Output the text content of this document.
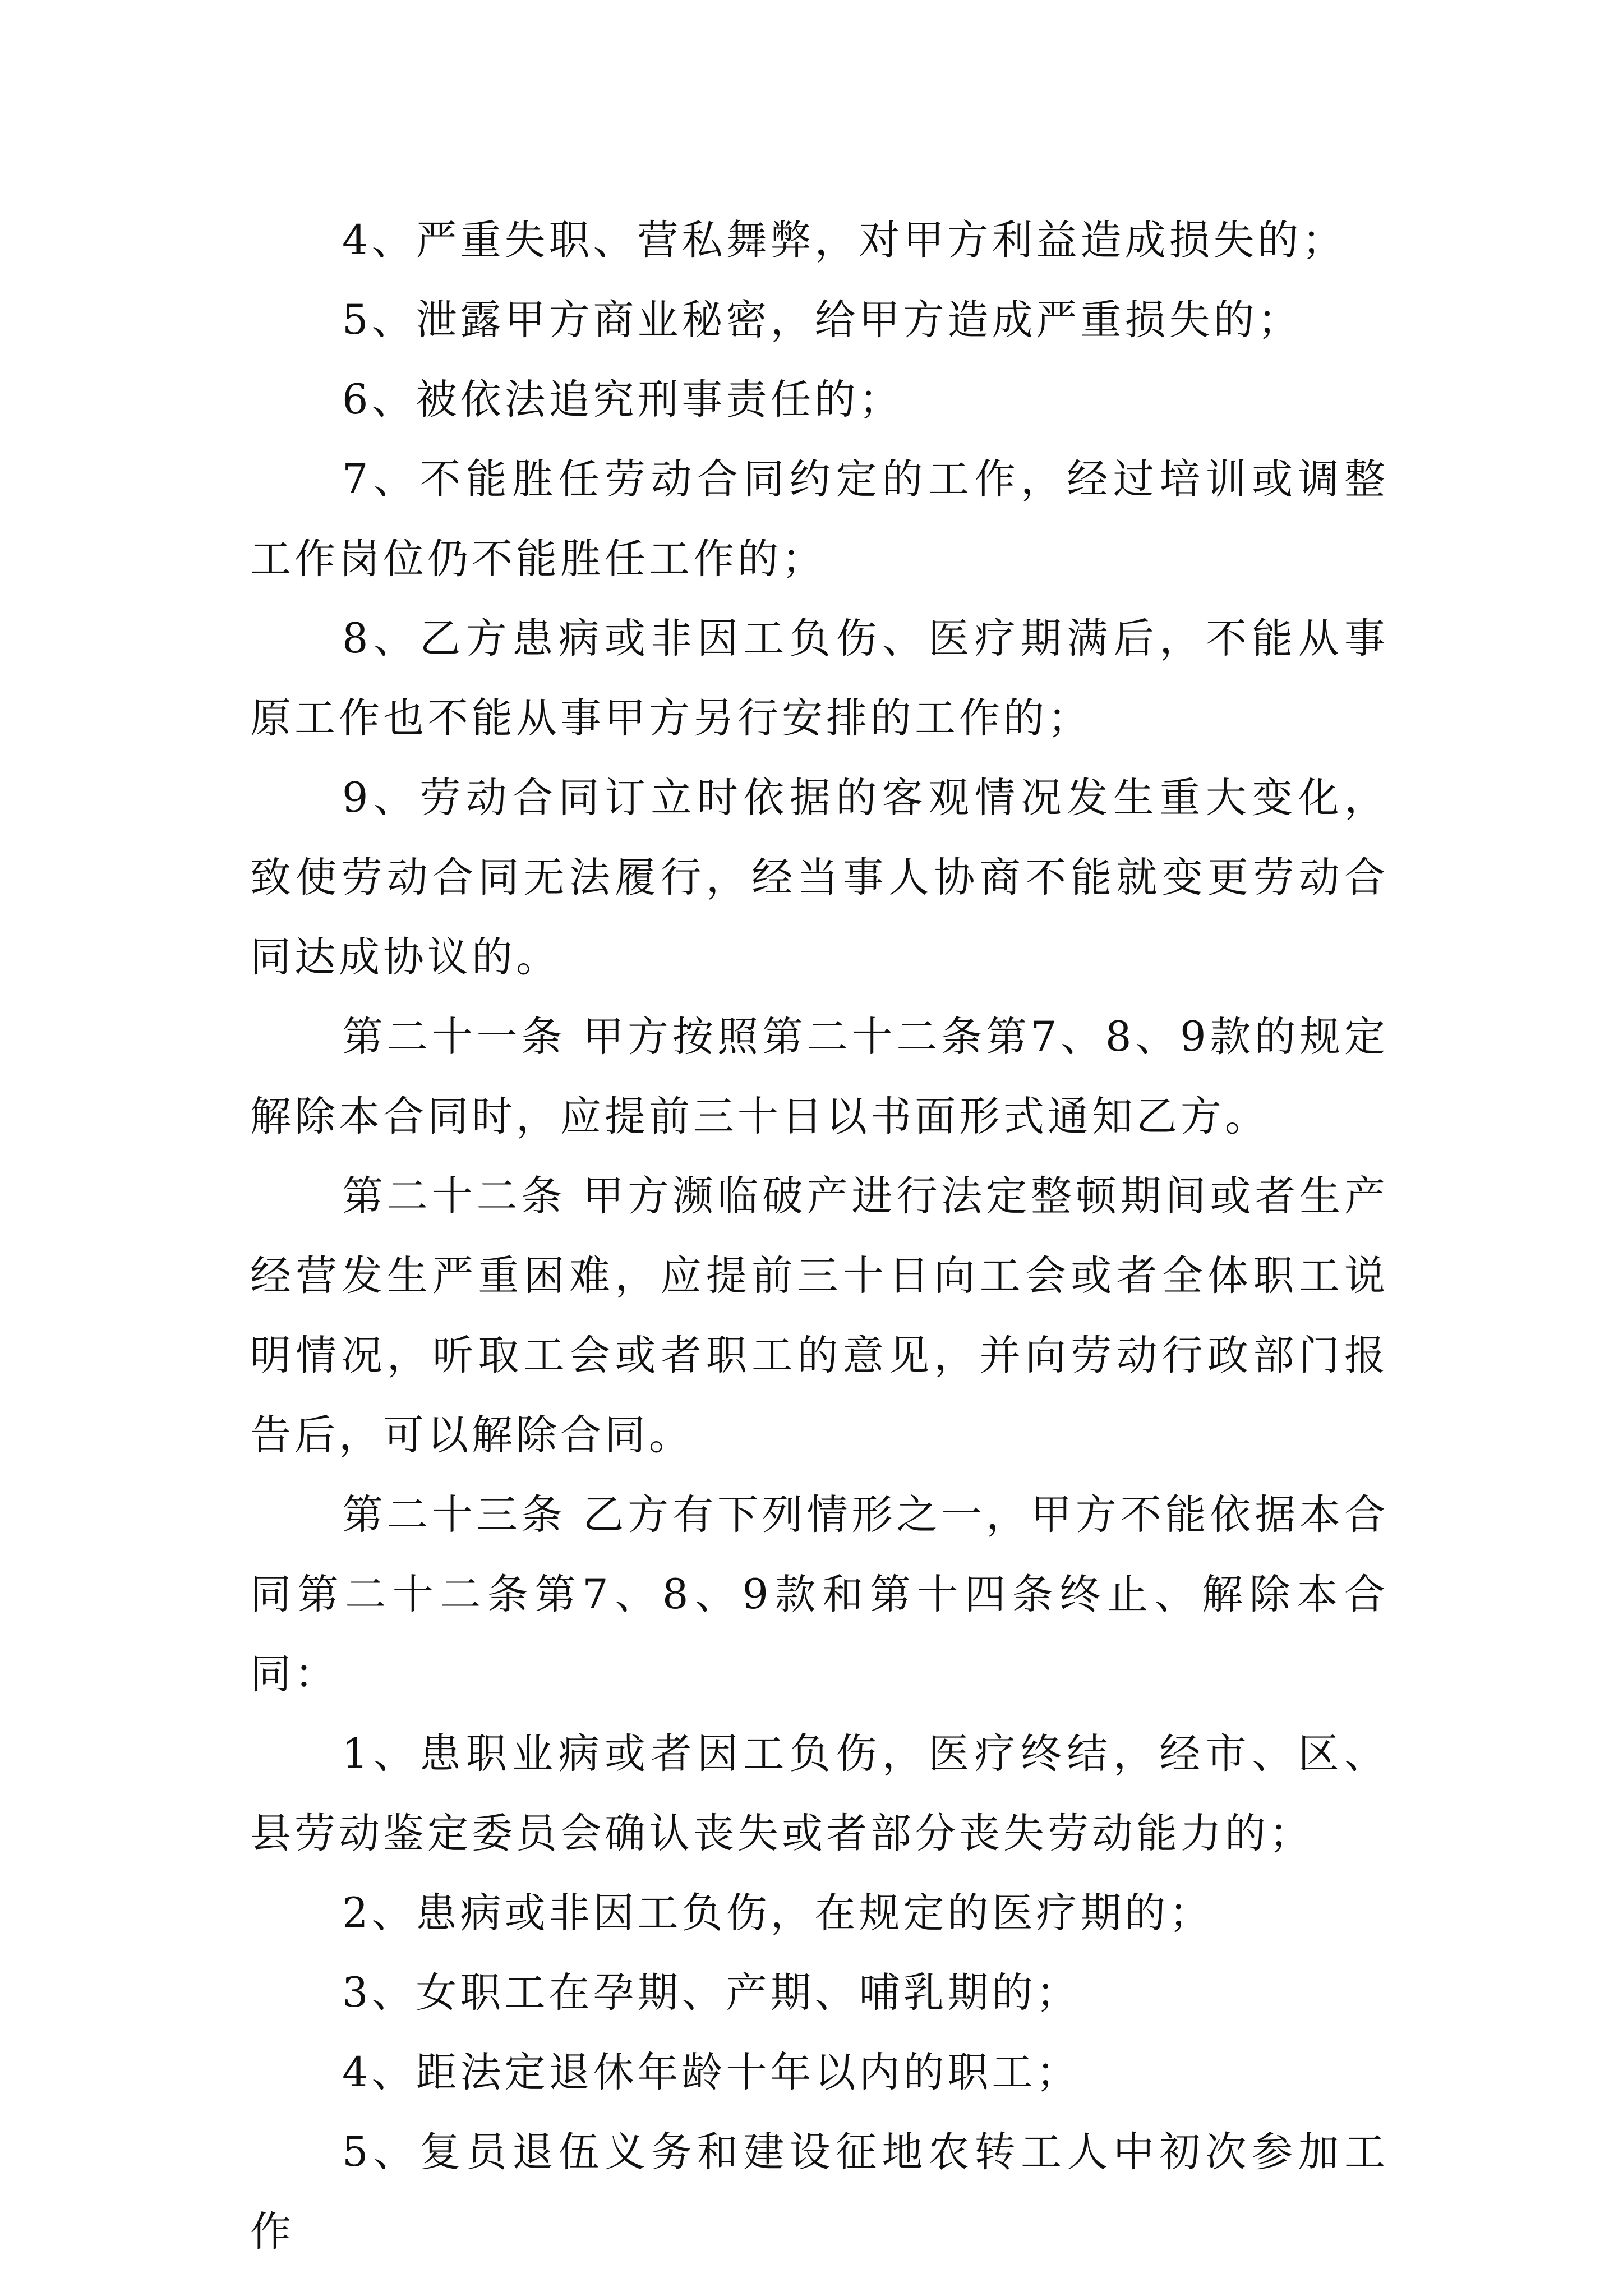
4、严重失职、营私舞弊，对甲方利益造成损失的；

5、泄露甲方商业秘密，给甲方造成严重损失的；

6、被依法追究刑事责任的；

7、不能胜任劳动合同约定的工作，经过培训或调整工作岗位仍不能胜任工作的；

8、乙方患病或非因工负伤、医疗期满后，不能从事原工作也不能从事甲方另行安排的工作的；

9、劳动合同订立时依据的客观情况发生重大变化，致使劳动合同无法履行，经当事人协商不能就变更劳动合同达成协议的。

第二十一条 甲方按照第二十二条第7、8、9款的规定解除本合同时，应提前三十日以书面形式通知乙方。

第二十二条 甲方濒临破产进行法定整顿期间或者生产经营发生严重困难，应提前三十日向工会或者全体职工说明情况，听取工会或者职工的意见，并向劳动行政部门报告后，可以解除合同。

第二十三条 乙方有下列情形之一，甲方不能依据本合同第二十二条第7、8、9款和第十四条终止、解除本合同：

1、患职业病或者因工负伤，医疗终结，经市、区、县劳动鉴定委员会确认丧失或者部分丧失劳动能力的；

2、患病或非因工负伤，在规定的医疗期的；

3、女职工在孕期、产期、哺乳期的；

4、距法定退休年龄十年以内的职工；

5、复员退伍义务和建设征地农转工人中初次参加工作
